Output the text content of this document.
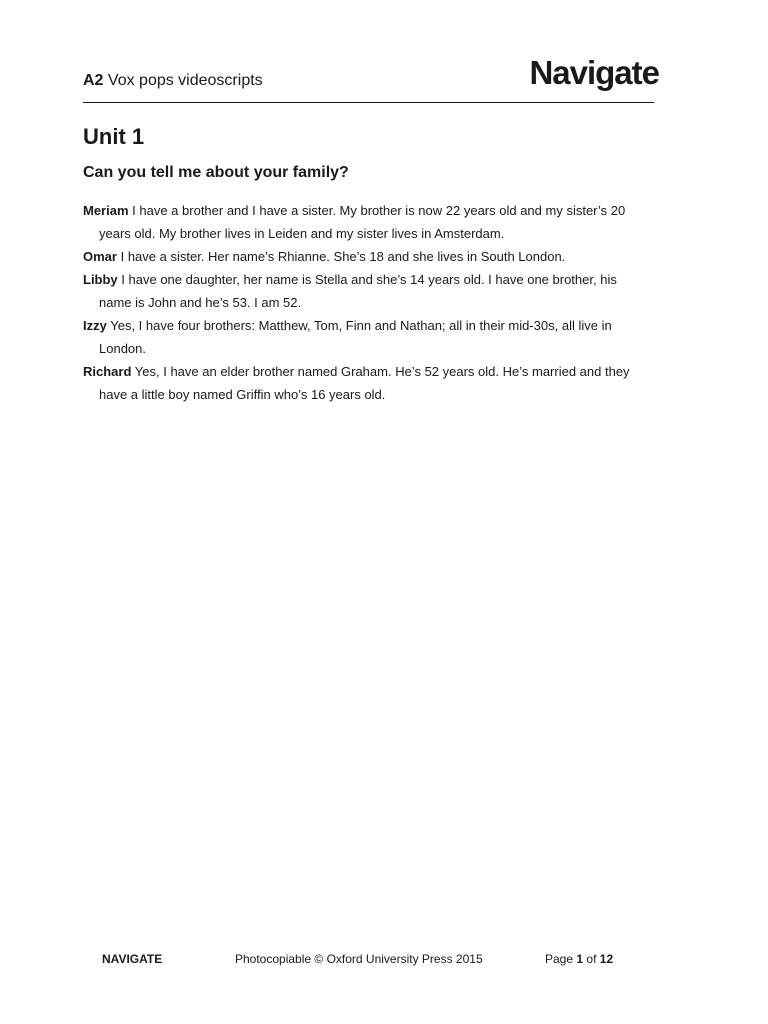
A2 Vox pops videoscripts	Navigate
Unit 1
Can you tell me about your family?
Meriam I have a brother and I have a sister. My brother is now 22 years old and my sister’s 20 years old. My brother lives in Leiden and my sister lives in Amsterdam.
Omar I have a sister. Her name’s Rhianne. She’s 18 and she lives in South London.
Libby I have one daughter, her name is Stella and she’s 14 years old. I have one brother, his name is John and he’s 53. I am 52.
Izzy Yes, I have four brothers: Matthew, Tom, Finn and Nathan; all in their mid-30s, all live in London.
Richard Yes, I have an elder brother named Graham. He’s 52 years old. He’s married and they have a little boy named Griffin who’s 16 years old.
NAVIGATE	Photocopiable © Oxford University Press 2015	Page 1 of 12
